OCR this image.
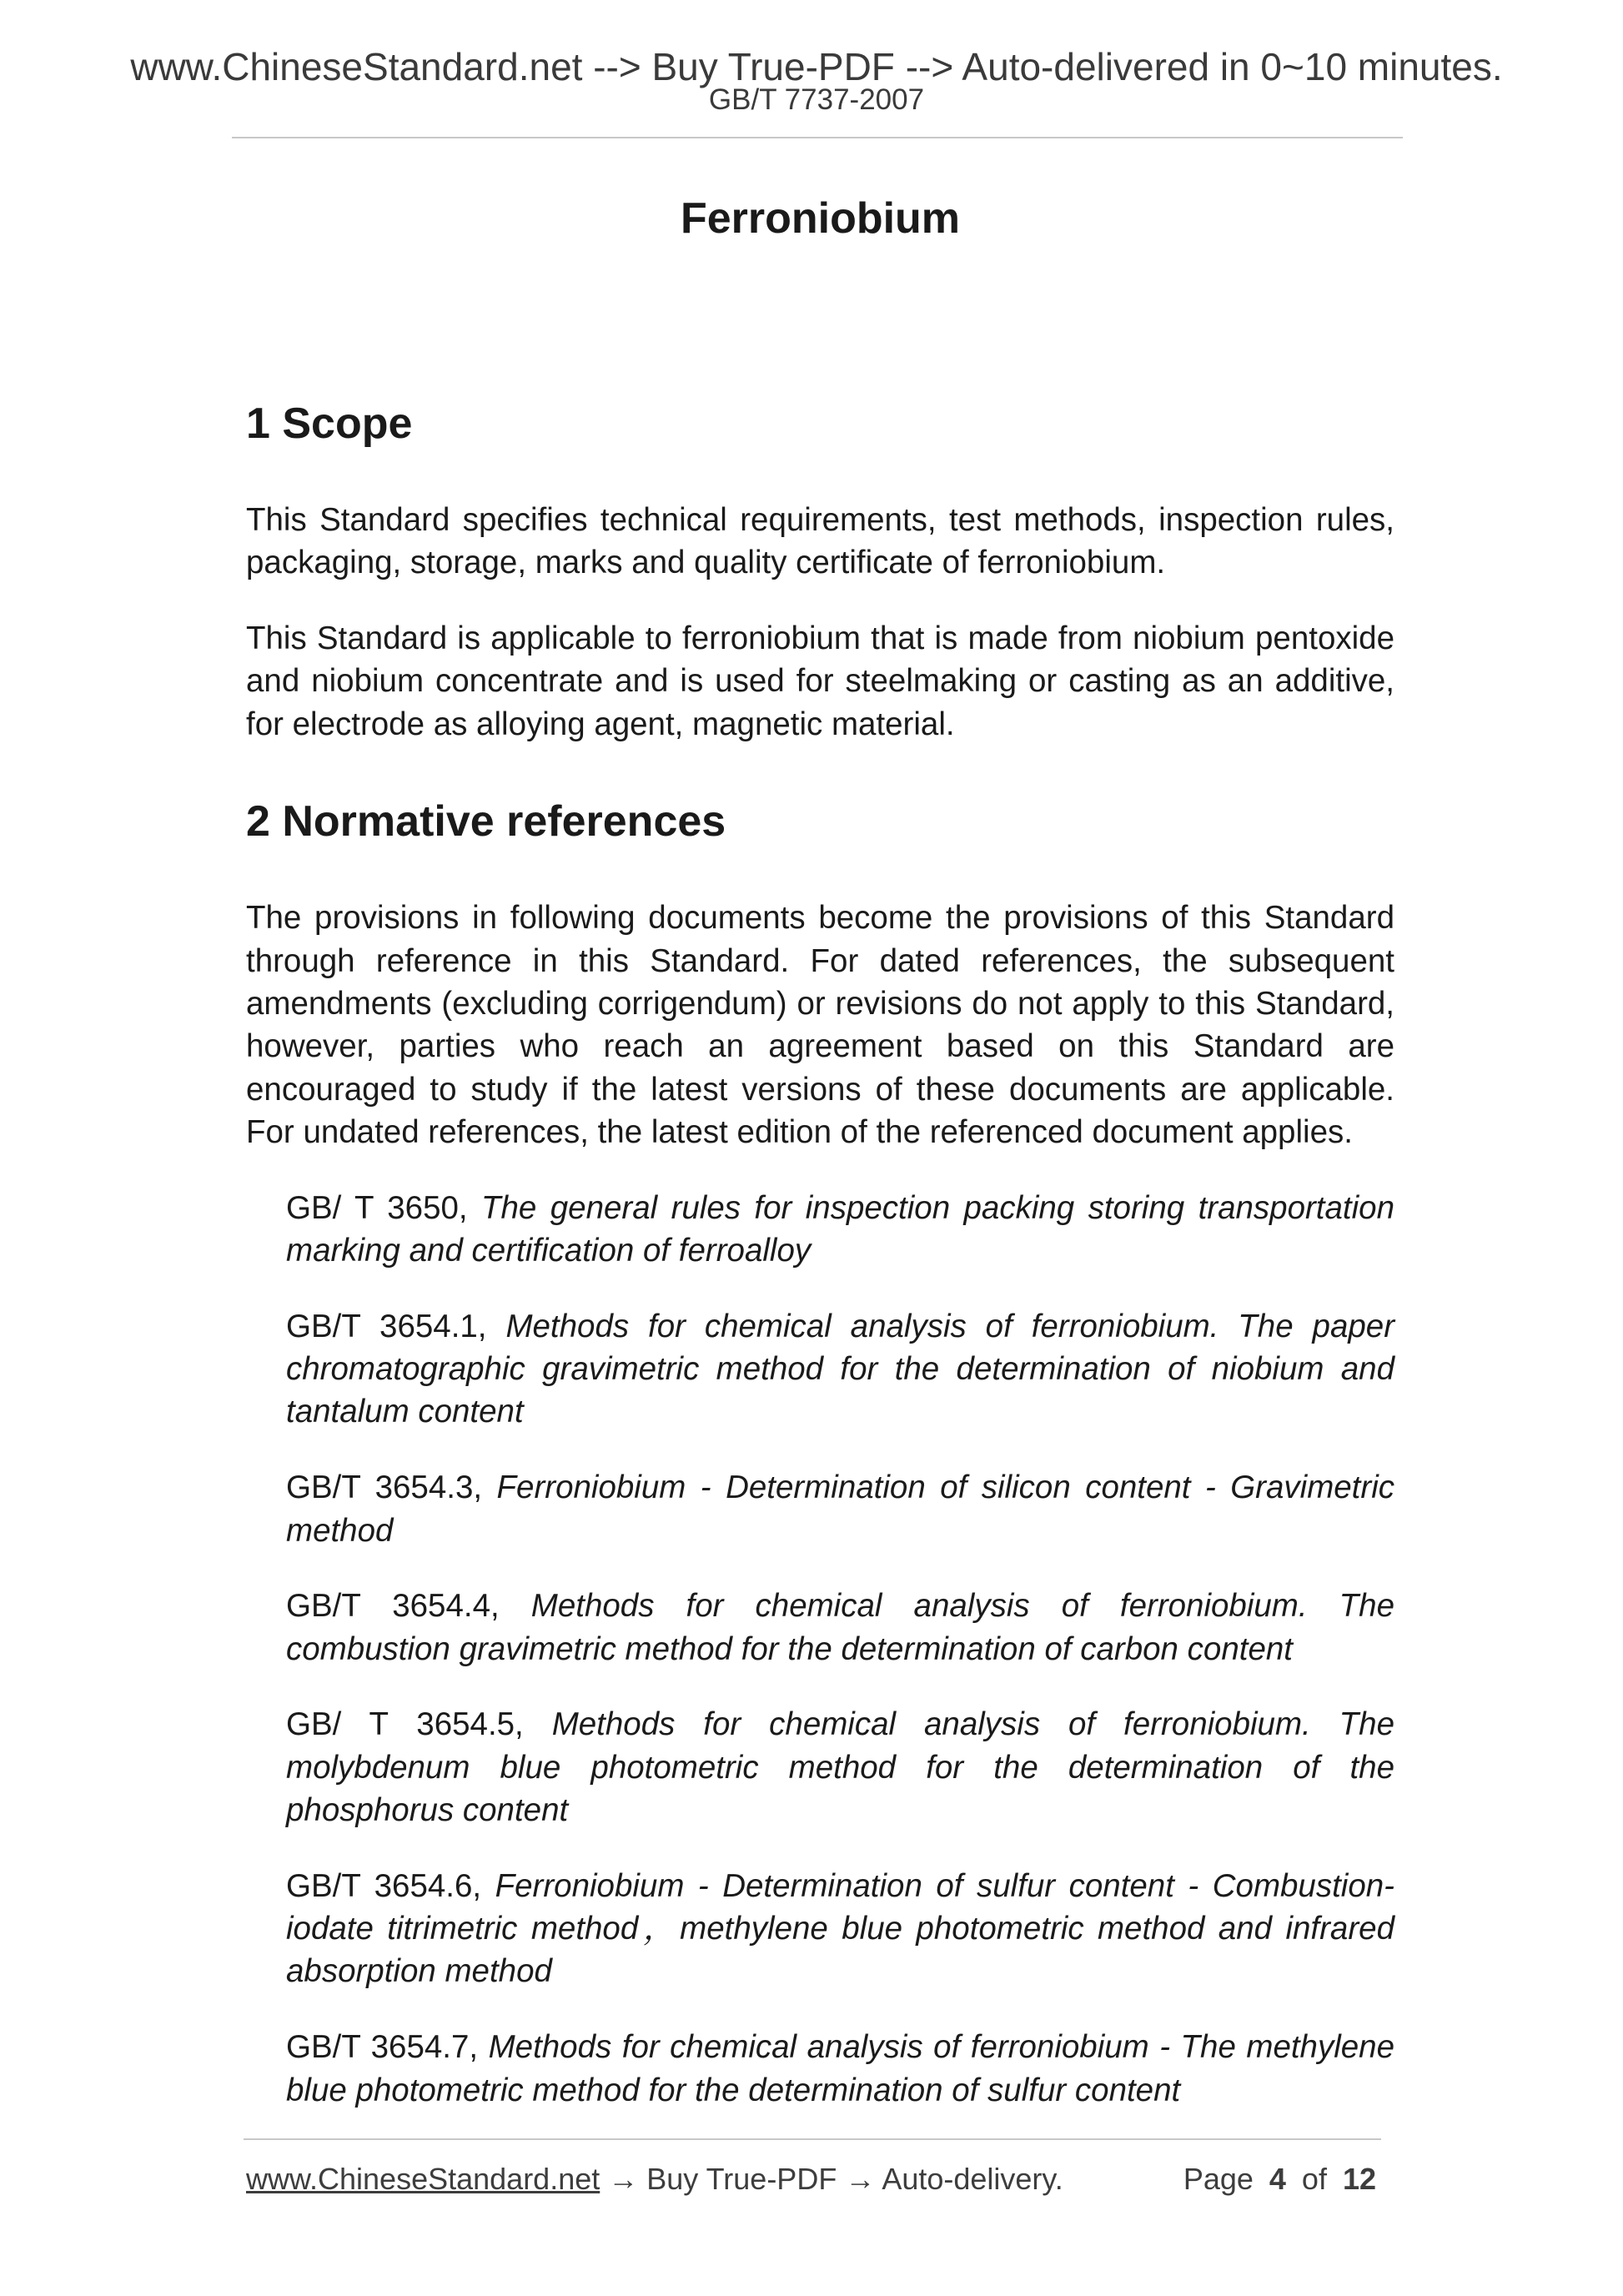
www.ChineseStandard.net --> Buy True-PDF --> Auto-delivered in 0~10 minutes.
GB/T 7737-2007
Ferroniobium
1 Scope
This Standard specifies technical requirements, test methods, inspection rules,
packaging, storage, marks and quality certificate of ferroniobium.
This Standard is applicable to ferroniobium that is made from niobium pentoxide
and niobium concentrate and is used for steelmaking or casting as an additive,
for electrode as alloying agent, magnetic material.
2 Normative references
The provisions in following documents become the provisions of this Standard
through reference in this Standard. For dated references, the subsequent
amendments (excluding corrigendum) or revisions do not apply to this Standard,
however, parties who reach an agreement based on this Standard are
encouraged to study if the latest versions of these documents are applicable.
For undated references, the latest edition of the referenced document applies.
GB/ T 3650, The general rules for inspection packing storing transportation
marking and certification of ferroalloy
GB/T 3654.1, Methods for chemical analysis of ferroniobium. The paper
chromatographic gravimetric method for the determination of niobium and
tantalum content
GB/T 3654.3, Ferroniobium - Determination of silicon content - Gravimetric
method
GB/T 3654.4, Methods for chemical analysis of ferroniobium. The
combustion gravimetric method for the determination of carbon content
GB/ T 3654.5, Methods for chemical analysis of ferroniobium. The
molybdenum blue photometric method for the determination of the
phosphorus content
GB/T 3654.6, Ferroniobium - Determination of sulfur content - Combustion-
iodate titrimetric method，methylene blue photometric method and infrared
absorption method
GB/T 3654.7, Methods for chemical analysis of ferroniobium - The methylene
blue photometric method for the determination of sulfur content
www.ChineseStandard.net → Buy True-PDF → Auto-delivery.	Page 4 of 12
